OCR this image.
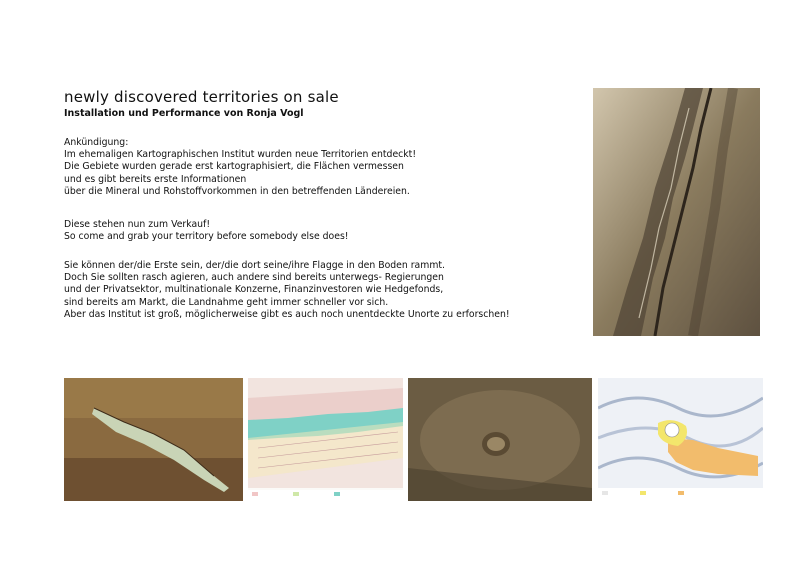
newly discovered territories on sale
Installation und Performance von Ronja Vogl

Ankündigung:

Im ehemaligen Kartographischen Institut wurden neue Territorien entdeckt!

Die Gebiete wurden gerade erst kartographisiert, die Flächen vermessen

und es gibt bereits erste Informationen

über die Mineral und Rohstoffvorkommen in den betreffenden Ländereien.

Diese stehen nun zum Verkauf!

So come and grab your territory before somebody else does!

Sie können der/die Erste sein, der/die dort seine/ihre Flagge in den Boden rammt.

Doch Sie sollten rasch agieren, auch andere sind bereits unterwegs- Regierungen

und der Privatsektor, multinationale Konzerne, Finanzinvestoren wie Hedgefonds,

sind bereits am Markt, die Landnahme geht immer schneller vor sich.

Aber das Institut ist groß, möglicherweise gibt es auch noch unentdeckte Unorte zu erforschen!
